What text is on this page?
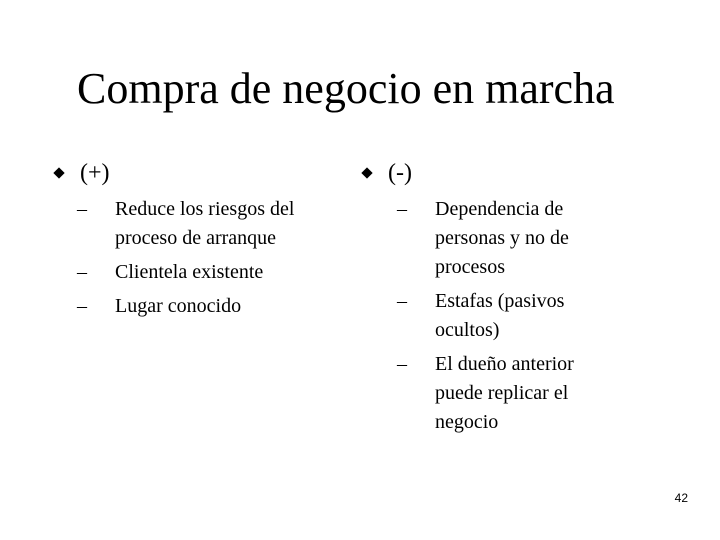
Compra de negocio en marcha
(+)
– Reduce los riesgos del
proceso de arranque
– Clientela existente
– Lugar conocido
(-)
– Dependencia de
personas y no de
procesos
– Estafas (pasivos
ocultos)
– El dueño anterior
puede replicar el
negocio
42
